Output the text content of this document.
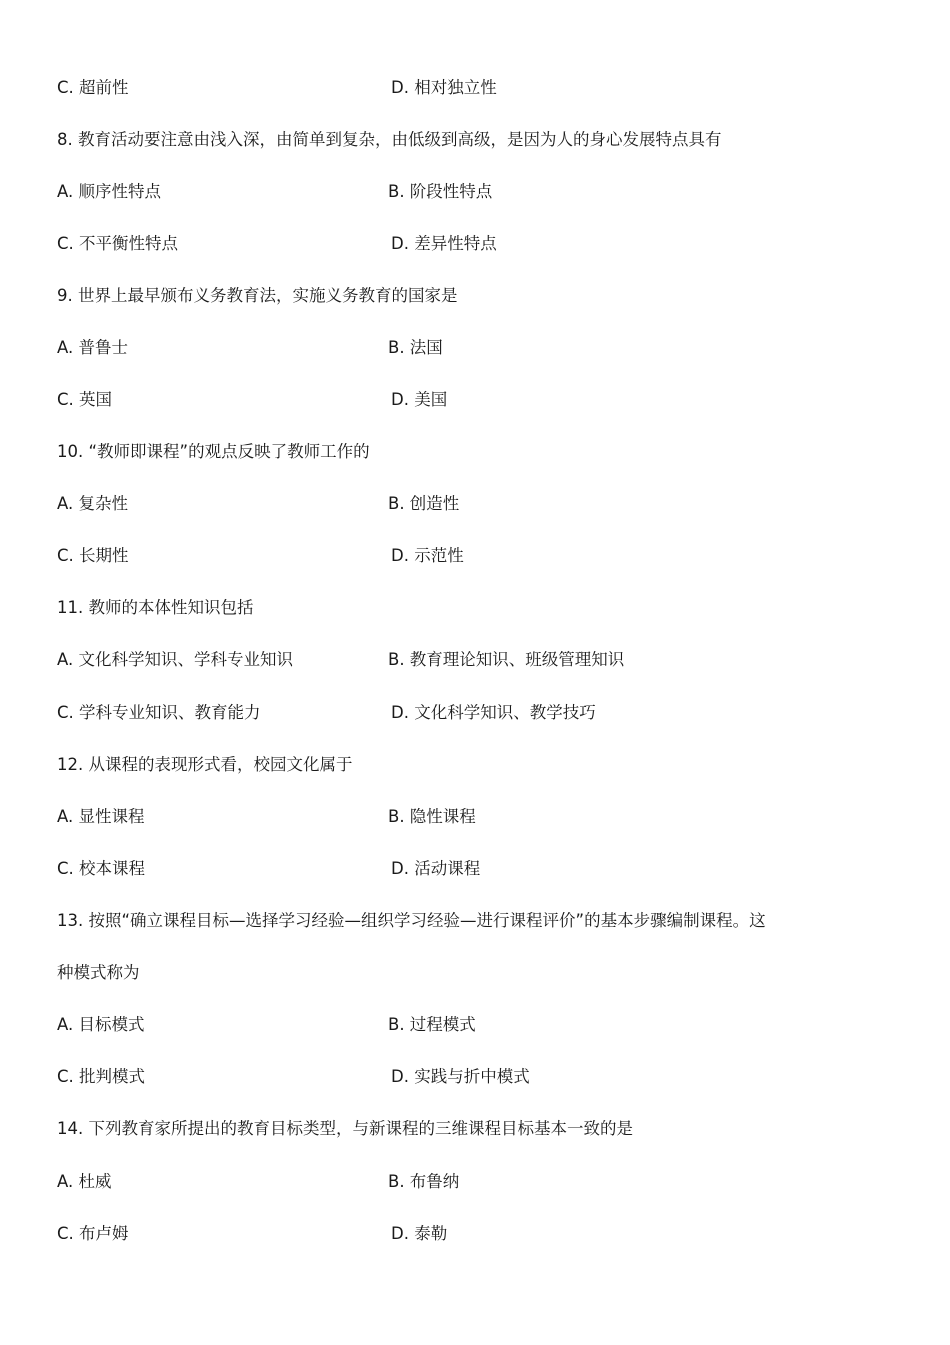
C. 超前性	D. 相对独立性
8. 教育活动要注意由浅入深，由简单到复杂，由低级到高级，是因为人的身心发展特点具有
A. 顺序性特点	B. 阶段性特点
C. 不平衡性特点	D. 差异性特点
9. 世界上最早颁布义务教育法，实施义务教育的国家是
A. 普鲁士	B. 法国
C. 英国	D. 美国
10. “教师即课程”的观点反映了教师工作的
A. 复杂性	B. 创造性
C. 长期性	D. 示范性
11. 教师的本体性知识包括
A. 文化科学知识、学科专业知识	B. 教育理论知识、班级管理知识
C. 学科专业知识、教育能力	D. 文化科学知识、教学技巧
12. 从课程的表现形式看，校园文化属于
A. 显性课程	B. 隐性课程
C. 校本课程	D. 活动课程
13. 按照“确立课程目标—选择学习经验—组织学习经验—进行课程评价”的基本步骤编制课程。这
种模式称为
A. 目标模式	B. 过程模式
C. 批判模式	D. 实践与折中模式
14. 下列教育家所提出的教育目标类型，与新课程的三维课程目标基本一致的是
A. 杜威	B. 布鲁纳
C. 布卢姆	D. 泰勒
